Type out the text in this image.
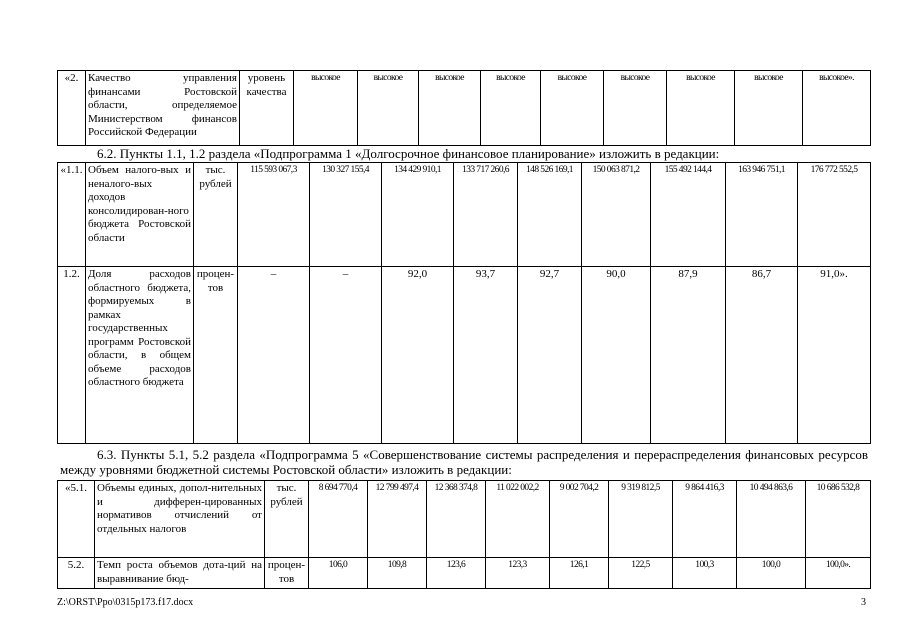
«2.	Качество управления финансами Ростовской области, определяемое Министерством финансов Российской Федерации	уровень качества	высокое	высокое	высокое	высокое	высокое	высокое	высокое	высокое	высокое».
6.2. Пункты 1.1, 1.2 раздела «Подпрограмма 1 «Долгосрочное финансовое планирование» изложить в редакции:
«1.1.	Объем налого-вых и неналого-вых доходов консолидирован-ного бюджета Ростовской области	тыс. рублей	115 593 067,3	130 327 155,4	134 429 910,1	133 717 260,6	148 526 169,1	150 063 871,2	155 492 144,4	163 946 751,1	176 772 552,5
1.2.	Доля расходов областного бюджета, формируемых в рамках государственных программ Ростовской области, в общем объеме расходов областного бюджета	процен-тов	–	–	92,0	93,7	92,7	90,0	87,9	86,7	91,0».
6.3. Пункты 5.1, 5.2 раздела «Подпрограмма 5 «Совершенствование системы распределения и перераспределения финансовых ресурсов между уровнями бюджетной системы Ростовской области» изложить в редакции:
«5.1.	Объемы единых, допол-нительных и дифферен-цированных нормативов отчислений от отдельных налогов	тыс. рублей	8 694 770,4	12 799 497,4	12 368 374,8	11 022 002,2	9 002 704,2	9 319 812,5	9 864 416,3	10 494 863,6	10 686 532,8
5.2.	Темп роста объемов дота-ций на выравнивание бюд-	процен-тов	106,0	109,8	123,6	123,3	126,1	122,5	100,3	100,0	100,0».
Z:\ORST\Ppo\0315p173.f17.docx	3
